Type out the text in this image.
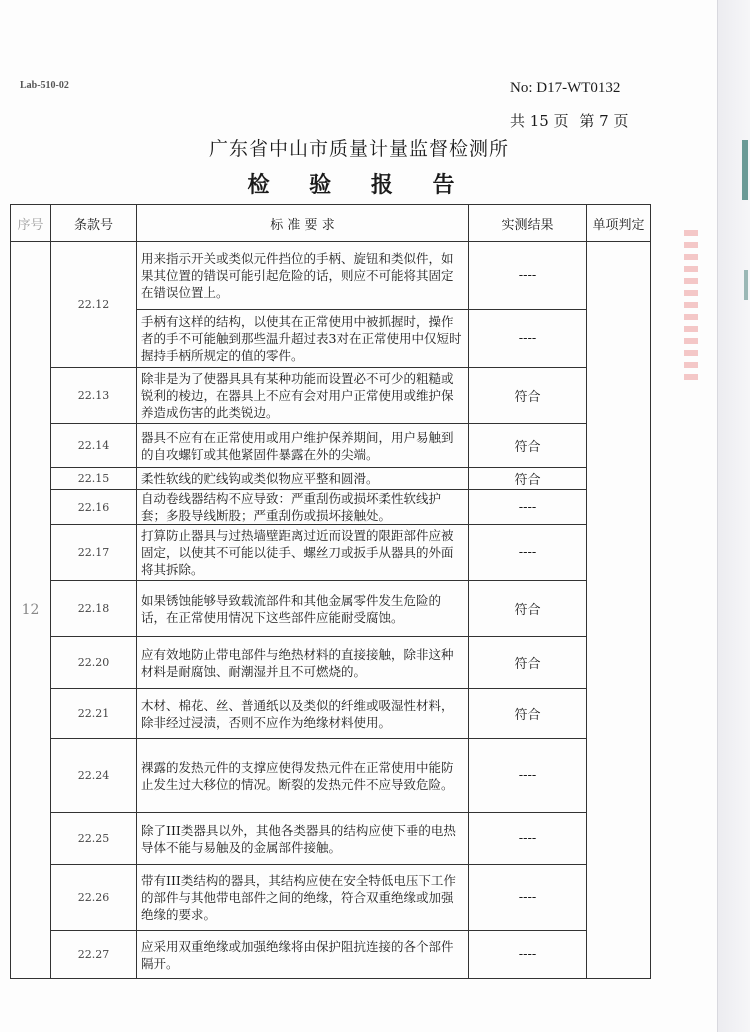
Lab-510-02	No: D17-WT0132
共 15 页 第 7 页
广东省中山市质量计量监督检测所
检 验 报 告
序号	条款号	标 准 要 求	实测结果	单项判定
12	22.12	用来指示开关或类似元件挡位的手柄、旋钮和类似件，如果其位置的错误可能引起危险的话，则应不可能将其固定在错误位置上。	----	
		手柄有这样的结构，以使其在正常使用中被抓握时，操作者的手不可能触到那些温升超过表3对在正常使用中仅短时握持手柄所规定的值的零件。	----	
	22.13	除非是为了使器具具有某种功能而设置必不可少的粗糙或锐利的棱边，在器具上不应有会对用户正常使用或维护保养造成伤害的此类锐边。	符合	
	22.14	器具不应有在正常使用或用户维护保养期间，用户易触到的自攻螺钉或其他紧固件暴露在外的尖端。	符合	
	22.15	柔性软线的贮线钩或类似物应平整和圆滑。	符合	
	22.16	自动卷线器结构不应导致：严重刮伤或损坏柔性软线护套；多股导线断股；严重刮伤或损坏接触处。	----	
	22.17	打算防止器具与过热墙壁距离过近而设置的限距部件应被固定，以使其不可能以徒手、螺丝刀或扳手从器具的外面将其拆除。	----	
	22.18	如果锈蚀能够导致载流部件和其他金属零件发生危险的话，在正常使用情况下这些部件应能耐受腐蚀。	符合	
	22.20	应有效地防止带电部件与绝热材料的直接接触，除非这种材料是耐腐蚀、耐潮湿并且不可燃烧的。	符合	
	22.21	木材、棉花、丝、普通纸以及类似的纤维或吸湿性材料，除非经过浸渍，否则不应作为绝缘材料使用。	符合	
	22.24	裸露的发热元件的支撑应使得发热元件在正常使用中能防止发生过大移位的情况。断裂的发热元件不应导致危险。	----	
	22.25	除了III类器具以外，其他各类器具的结构应使下垂的电热导体不能与易触及的金属部件接触。	----	
	22.26	带有III类结构的器具，其结构应使在安全特低电压下工作的部件与其他带电部件之间的绝缘，符合双重绝缘或加强绝缘的要求。	----	
	22.27	应采用双重绝缘或加强绝缘将由保护阻抗连接的各个部件隔开。	----	
